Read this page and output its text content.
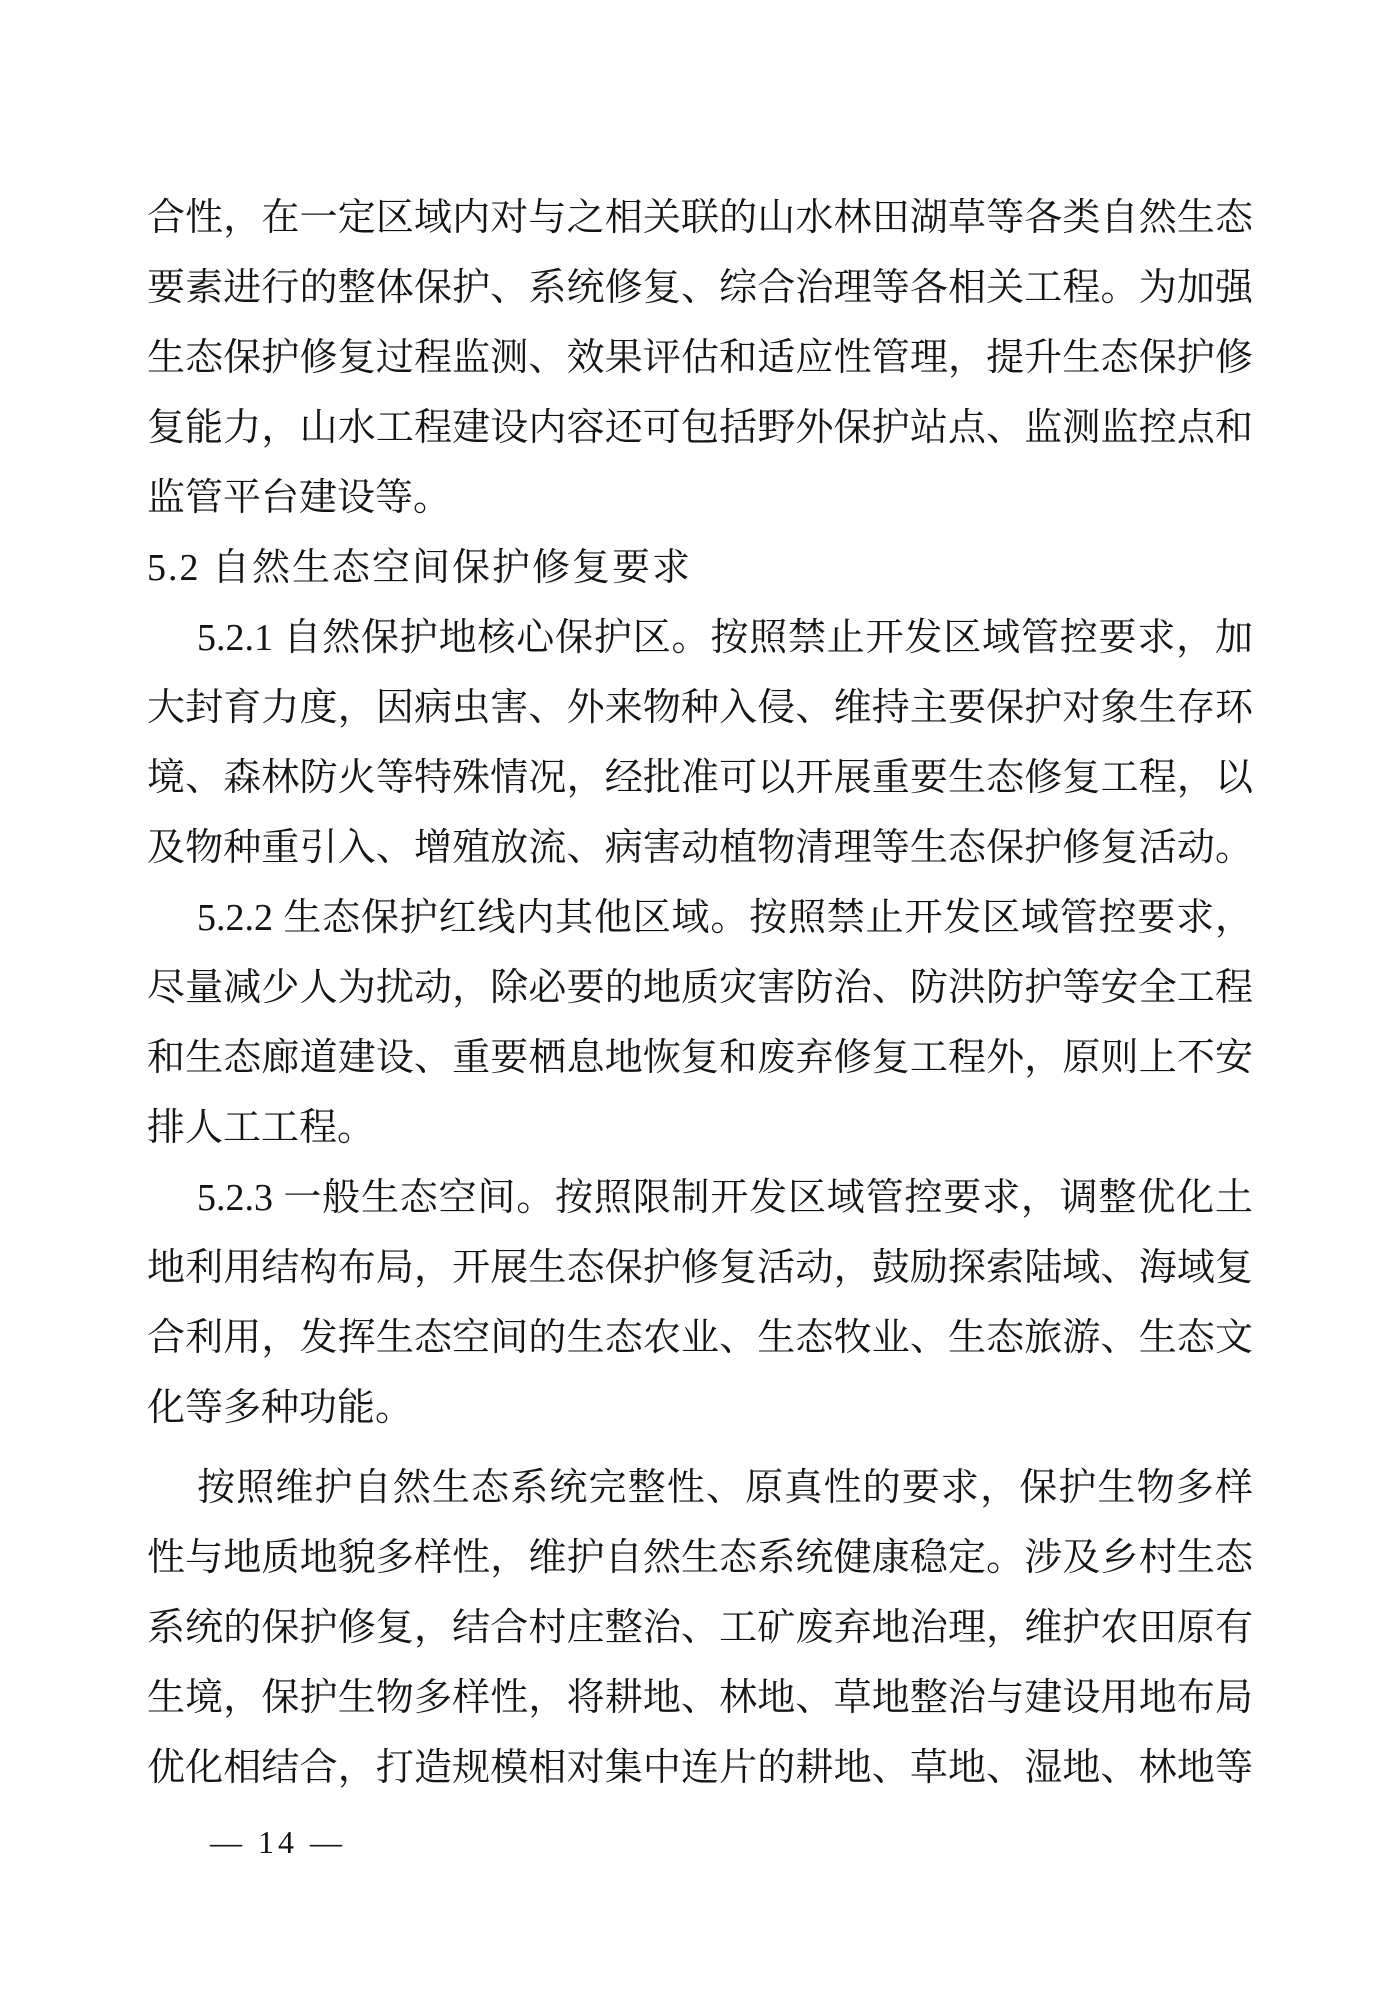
合性，在一定区域内对与之相关联的山水林田湖草等各类自然生态
要素进行的整体保护、系统修复、综合治理等各相关工程。为加强
生态保护修复过程监测、效果评估和适应性管理，提升生态保护修
复能力，山水工程建设内容还可包括野外保护站点、监测监控点和
监管平台建设等。
5.2 自然生态空间保护修复要求
5.2.1 自然保护地核心保护区。按照禁止开发区域管控要求，加
大封育力度，因病虫害、外来物种入侵、维持主要保护对象生存环
境、森林防火等特殊情况，经批准可以开展重要生态修复工程，以
及物种重引入、增殖放流、病害动植物清理等生态保护修复活动。
5.2.2 生态保护红线内其他区域。按照禁止开发区域管控要求，
尽量减少人为扰动，除必要的地质灾害防治、防洪防护等安全工程
和生态廊道建设、重要栖息地恢复和废弃修复工程外，原则上不安
排人工工程。
5.2.3 一般生态空间。按照限制开发区域管控要求，调整优化土
地利用结构布局，开展生态保护修复活动，鼓励探索陆域、海域复
合利用，发挥生态空间的生态农业、生态牧业、生态旅游、生态文
化等多种功能。
按照维护自然生态系统完整性、原真性的要求，保护生物多样
性与地质地貌多样性，维护自然生态系统健康稳定。涉及乡村生态
系统的保护修复，结合村庄整治、工矿废弃地治理，维护农田原有
生境，保护生物多样性，将耕地、林地、草地整治与建设用地布局
优化相结合，打造规模相对集中连片的耕地、草地、湿地、林地等
— 14 —
